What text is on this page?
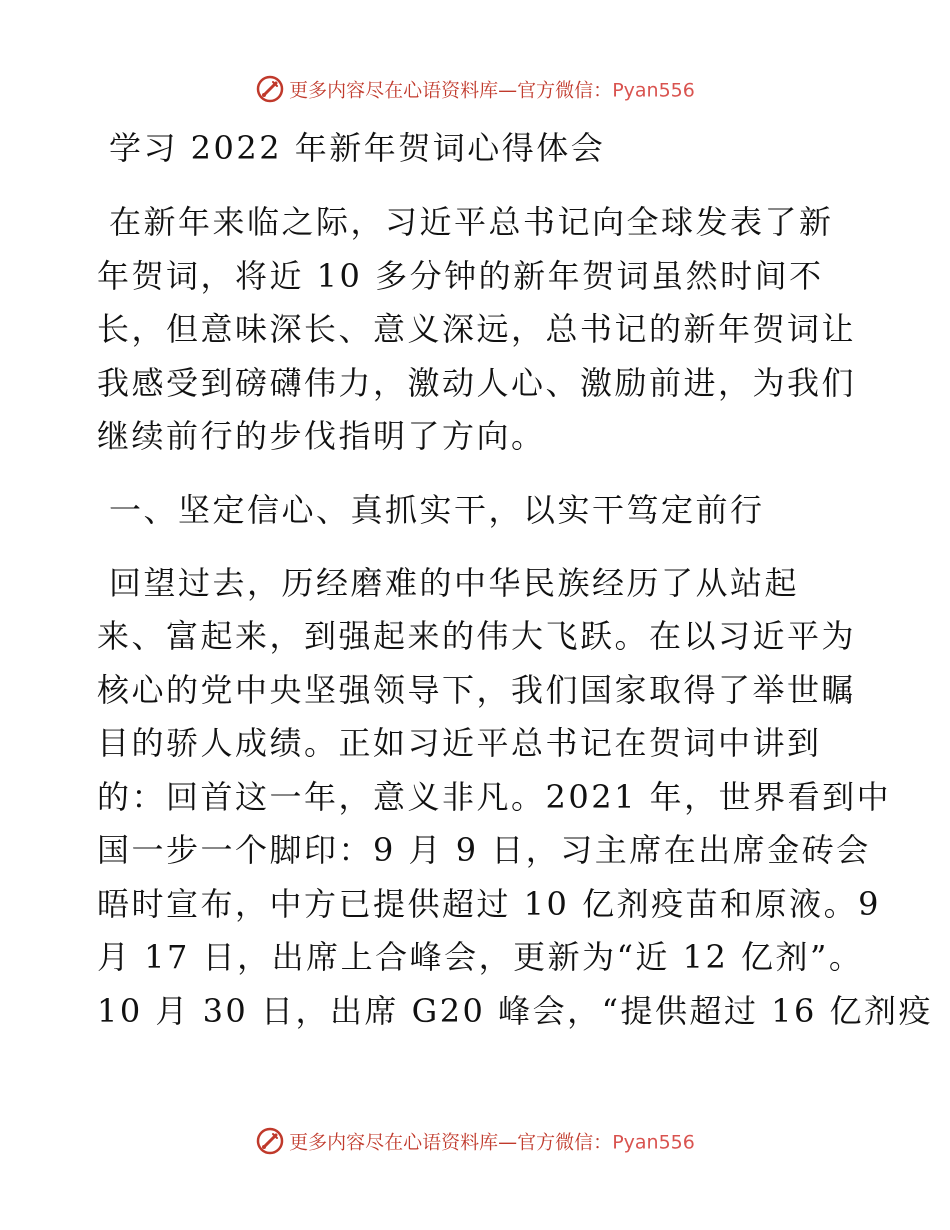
更多内容尽在心语资料库—官方微信：Pyan556
学习 2022 年新年贺词心得体会
在新年来临之际，习近平总书记向全球发表了新
年贺词，将近 10 多分钟的新年贺词虽然时间不
长，但意味深长、意义深远，总书记的新年贺词让
我感受到磅礴伟力，激动人心、激励前进，为我们
继续前行的步伐指明了方向。
一、坚定信心、真抓实干，以实干笃定前行
回望过去，历经磨难的中华民族经历了从站起
来、富起来，到强起来的伟大飞跃。在以习近平为
核心的党中央坚强领导下，我们国家取得了举世瞩
目的骄人成绩。正如习近平总书记在贺词中讲到
的：回首这一年，意义非凡。2021 年，世界看到中
国一步一个脚印：9 月 9 日，习主席在出席金砖会
晤时宣布，中方已提供超过 10 亿剂疫苗和原液。9
月 17 日，出席上合峰会，更新为“近 12 亿剂”。
10 月 30 日，出席 G20 峰会，“提供超过 16 亿剂疫
更多内容尽在心语资料库—官方微信：Pyan556
